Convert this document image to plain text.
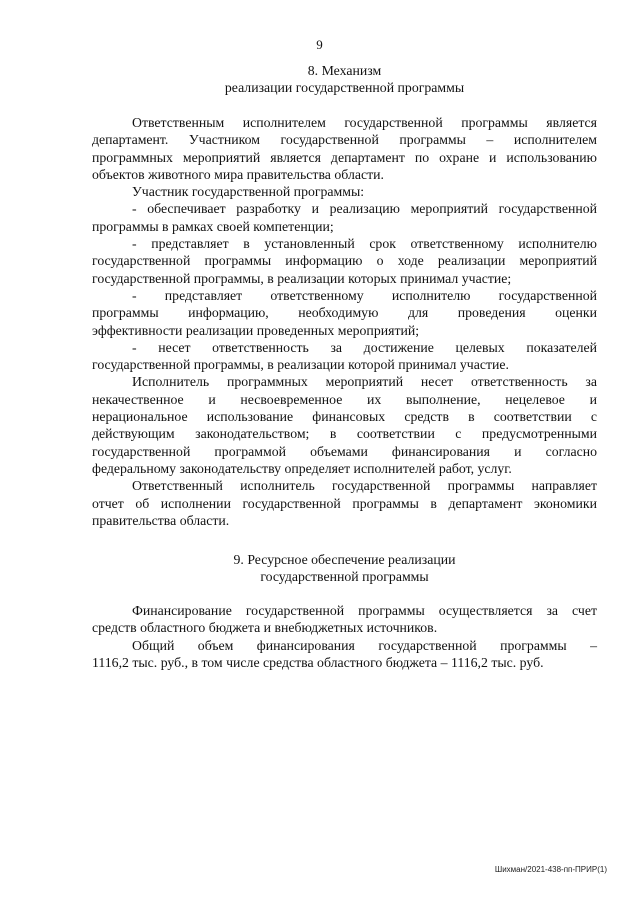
9
8. Механизм
реализации государственной программы
Ответственным исполнителем государственной программы является
департамент. Участником государственной программы – исполнителем
программных мероприятий является департамент по охране и использованию
объектов животного мира правительства области.
Участник государственной программы:
- обеспечивает разработку и реализацию мероприятий государственной
программы в рамках своей компетенции;
- представляет в установленный срок ответственному исполнителю
государственной программы информацию о ходе реализации мероприятий
государственной программы, в реализации которых принимал участие;
- представляет ответственному исполнителю государственной
программы информацию, необходимую для проведения оценки
эффективности реализации проведенных мероприятий;
- несет ответственность за достижение целевых показателей
государственной программы, в реализации которой принимал участие.
Исполнитель программных мероприятий несет ответственность за
некачественное и несвоевременное их выполнение, нецелевое и
нерациональное использование финансовых средств в соответствии с
действующим законодательством; в соответствии с предусмотренными
государственной программой объемами финансирования и согласно
федеральному законодательству определяет исполнителей работ, услуг.
Ответственный исполнитель государственной программы направляет
отчет об исполнении государственной программы в департамент экономики
правительства области.
9. Ресурсное обеспечение реализации
государственной программы
Финансирование государственной программы осуществляется за счет
средств областного бюджета и внебюджетных источников.
Общий объем финансирования государственной программы –
1116,2 тыс. руб., в том числе средства областного бюджета – 1116,2 тыс. руб.
Шихман/2021-438-пп-ПРИР(1)
